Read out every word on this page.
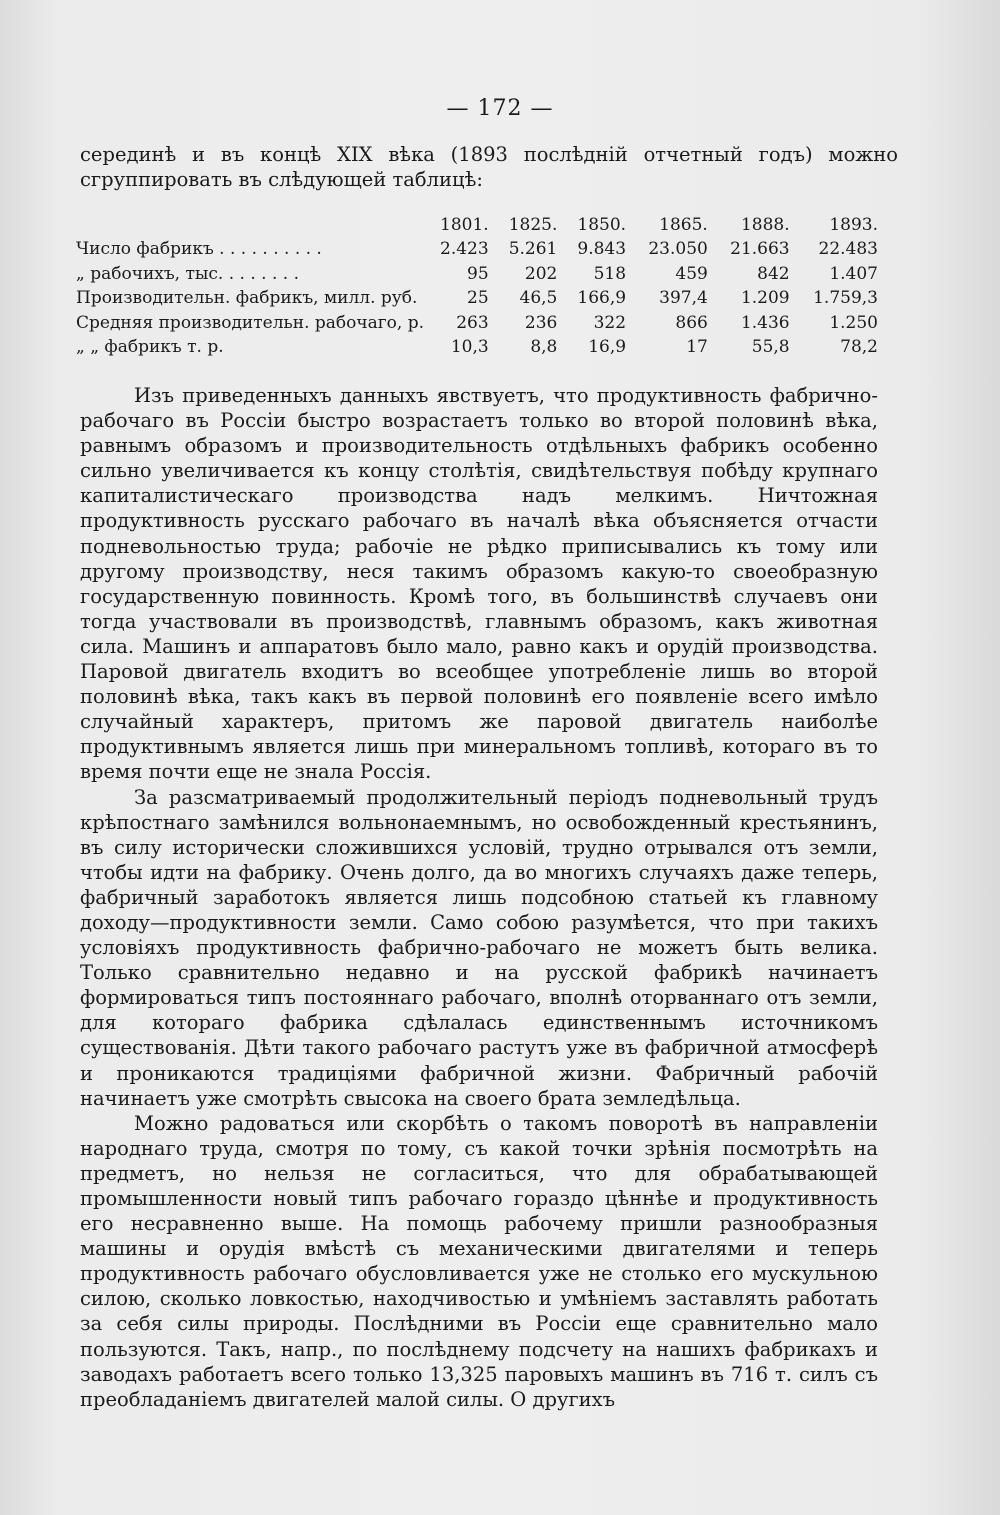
— 172 —

серединѣ и въ концѣ XIX вѣка (1893 послѣдній отчетный годъ) можно сгруппировать въ слѣдующей таблицѣ:

	1801.	1825.	1850.	1865.	1888.	1893.
Число фабрикъ . . . . . . . . . .	2.423	5.261	9.843	23.050	21.663	22.483
„ рабочихъ, тыс. . . . . . . .	95	202	518	459	842	1.407
Производительн. фабрикъ, милл. руб.	25	46,5	166,9	397,4	1.209	1.759,3
Средняя производительн. рабочаго, р.	263	236	322	866	1.436	1.250
„ „ фабрикъ т. р.	10,3	8,8	16,9	17	55,8	78,2

Изъ приведенныхъ данныхъ явствуетъ, что продуктивность фабрично-рабочаго въ Россіи быстро возрастаетъ только во второй половинѣ вѣка, равнымъ образомъ и производительность отдѣльныхъ фабрикъ особенно сильно увеличивается къ концу столѣтія, свидѣтельствуя побѣду крупнаго капиталистическаго производства надъ мелкимъ. Ничтожная продуктивность русскаго рабочаго въ началѣ вѣка объясняется отчасти подневольностью труда; рабочіе не рѣдко приписывались къ тому или другому производству, неся такимъ образомъ какую-то своеобразную государственную повинность. Кромѣ того, въ большинствѣ случаевъ они тогда участвовали въ производствѣ, главнымъ образомъ, какъ животная сила. Машинъ и аппаратовъ было мало, равно какъ и орудій производства. Паровой двигатель входитъ во всеобщее употребленіе лишь во второй половинѣ вѣка, такъ какъ въ первой половинѣ его появленіе всего имѣло случайный характеръ, притомъ же паровой двигатель наиболѣе продуктивнымъ является лишь при минеральномъ топливѣ, котораго въ то время почти еще не знала Россія.

За разсматриваемый продолжительный періодъ подневольный трудъ крѣпостнаго замѣнился вольнонаемнымъ, но освобожденный крестьянинъ, въ силу исторически сложившихся условій, трудно отрывался отъ земли, чтобы идти на фабрику. Очень долго, да во многихъ случаяхъ даже теперь, фабричный заработокъ является лишь подсобною статьей къ главному доходу—продуктивности земли. Само собою разумѣется, что при такихъ условіяхъ продуктивность фабрично-рабочаго не можетъ быть велика. Только сравнительно недавно и на русской фабрикѣ начинаетъ формироваться типъ постояннаго рабочаго, вполнѣ оторваннаго отъ земли, для котораго фабрика сдѣлалась единственнымъ источникомъ существованія. Дѣти такого рабочаго растутъ уже въ фабричной атмосферѣ и проникаются традиціями фабричной жизни. Фабричный рабочій начинаетъ уже смотрѣть свысока на своего брата земледѣльца.

Можно радоваться или скорбѣть о такомъ поворотѣ въ направленіи народнаго труда, смотря по тому, съ какой точки зрѣнія посмотрѣть на предметъ, но нельзя не согласиться, что для обрабатывающей промышленности новый типъ рабочаго гораздо цѣннѣе и продуктивность его несравненно выше. На помощь рабочему пришли разнообразныя машины и орудія вмѣстѣ съ механическими двигателями и теперь продуктивность рабочаго обусловливается уже не столько его мускульною силою, сколько ловкостью, находчивостью и умѣніемъ заставлять работать за себя силы природы. Послѣдними въ Россіи еще сравнительно мало пользуются. Такъ, напр., по послѣднему подсчету на нашихъ фабрикахъ и заводахъ работаетъ всего только 13,325 паровыхъ машинъ въ 716 т. силъ съ преобладаніемъ двигателей малой силы. О другихъ
